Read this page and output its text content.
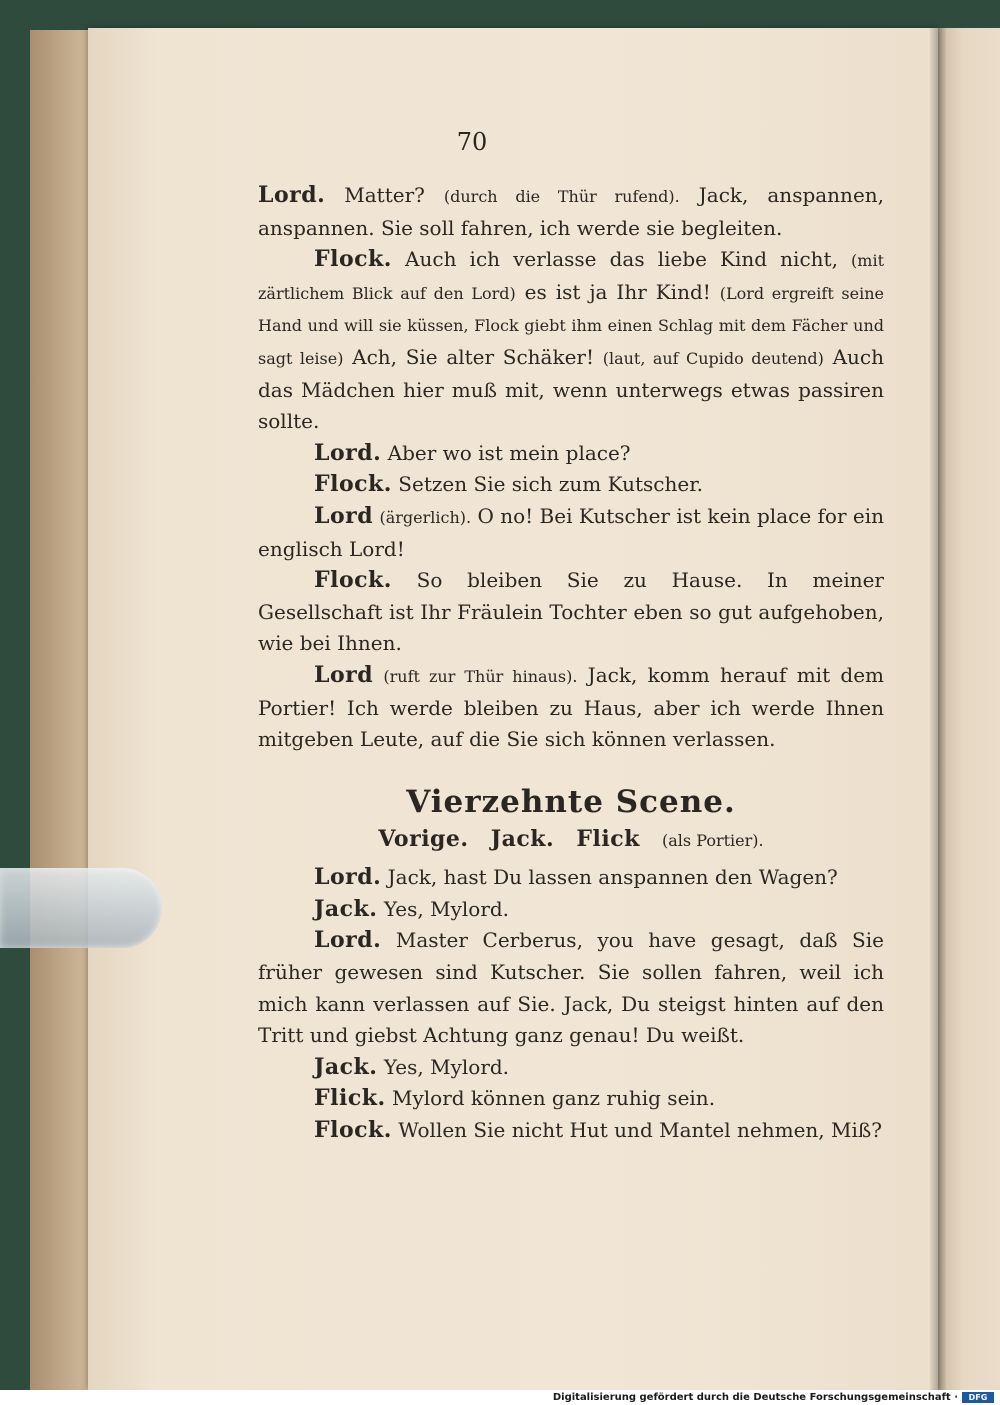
70

Lord. Matter? (durch die Thür rufend). Jack, anspannen, anspannen. Sie soll fahren, ich werde sie begleiten.

Flock. Auch ich verlasse das liebe Kind nicht, (mit zärtlichem Blick auf den Lord) es ist ja Ihr Kind! (Lord ergreift seine Hand und will sie küssen, Flock giebt ihm einen Schlag mit dem Fächer und sagt leise) Ach, Sie alter Schäker! (laut, auf Cupido deutend) Auch das Mädchen hier muß mit, wenn unterwegs etwas passiren sollte.

Lord. Aber wo ist mein place?

Flock. Setzen Sie sich zum Kutscher.

Lord (ärgerlich). O no! Bei Kutscher ist kein place for ein englisch Lord!

Flock. So bleiben Sie zu Hause. In meiner Gesellschaft ist Ihr Fräulein Tochter eben so gut aufgehoben, wie bei Ihnen.

Lord (ruft zur Thür hinaus). Jack, komm herauf mit dem Portier! Ich werde bleiben zu Haus, aber ich werde Ihnen mitgeben Leute, auf die Sie sich können verlassen.

Vierzehnte Scene.
Vorige. Jack. Flick (als Portier).

Lord. Jack, hast Du lassen anspannen den Wagen?

Jack. Yes, Mylord.

Lord. Master Cerberus, you have gesagt, daß Sie früher gewesen sind Kutscher. Sie sollen fahren, weil ich mich kann verlassen auf Sie. Jack, Du steigst hinten auf den Tritt und giebst Achtung ganz genau! Du weißt.

Jack. Yes, Mylord.

Flick. Mylord können ganz ruhig sein.

Flock. Wollen Sie nicht Hut und Mantel nehmen, Miß?

Digitalisierung gefördert durch die Deutsche Forschungsgemeinschaft ·	DFG
